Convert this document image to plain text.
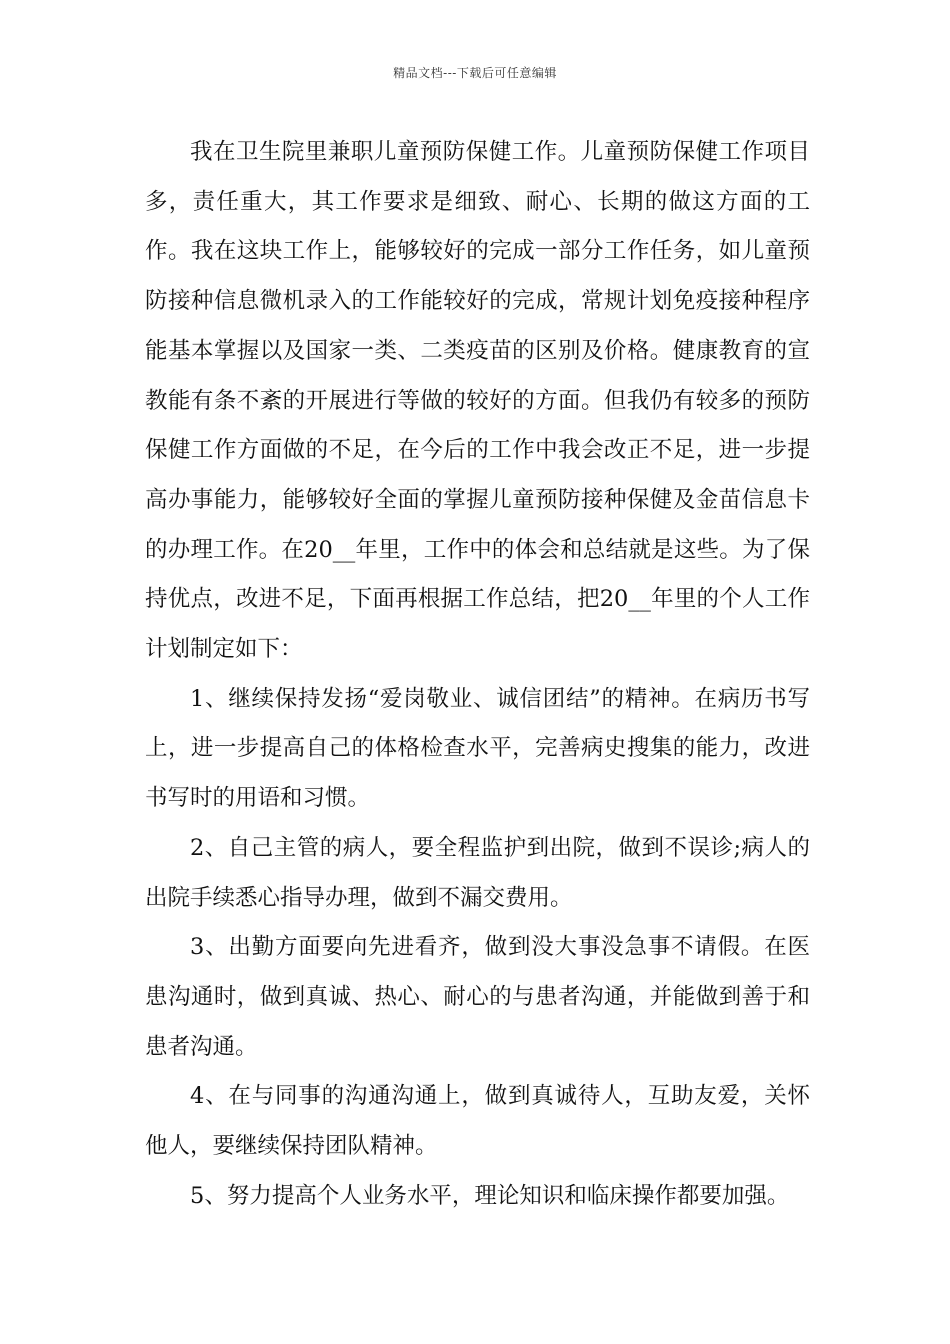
精品文档---下载后可任意编辑

我在卫生院里兼职儿童预防保健工作。儿童预防保健工作项目多，责任重大，其工作要求是细致、耐心、长期的做这方面的工作。我在这块工作上，能够较好的完成一部分工作任务，如儿童预防接种信息微机录入的工作能较好的完成，常规计划免疫接种程序能基本掌握以及国家一类、二类疫苗的区别及价格。健康教育的宣教能有条不紊的开展进行等做的较好的方面。但我仍有较多的预防保健工作方面做的不足，在今后的工作中我会改正不足，进一步提高办事能力，能够较好全面的掌握儿童预防接种保健及金苗信息卡的办理工作。在20__年里，工作中的体会和总结就是这些。为了保持优点，改进不足，下面再根据工作总结，把20__年里的个人工作计划制定如下：

1、继续保持发扬“爱岗敬业、诚信团结”的精神。在病历书写上，进一步提高自己的体格检查水平，完善病史搜集的能力，改进书写时的用语和习惯。

2、自己主管的病人，要全程监护到出院，做到不误诊;病人的出院手续悉心指导办理，做到不漏交费用。

3、出勤方面要向先进看齐，做到没大事没急事不请假。在医患沟通时，做到真诚、热心、耐心的与患者沟通，并能做到善于和患者沟通。

4、在与同事的沟通沟通上，做到真诚待人，互助友爱，关怀他人，要继续保持团队精神。

5、努力提高个人业务水平，理论知识和临床操作都要加强。
